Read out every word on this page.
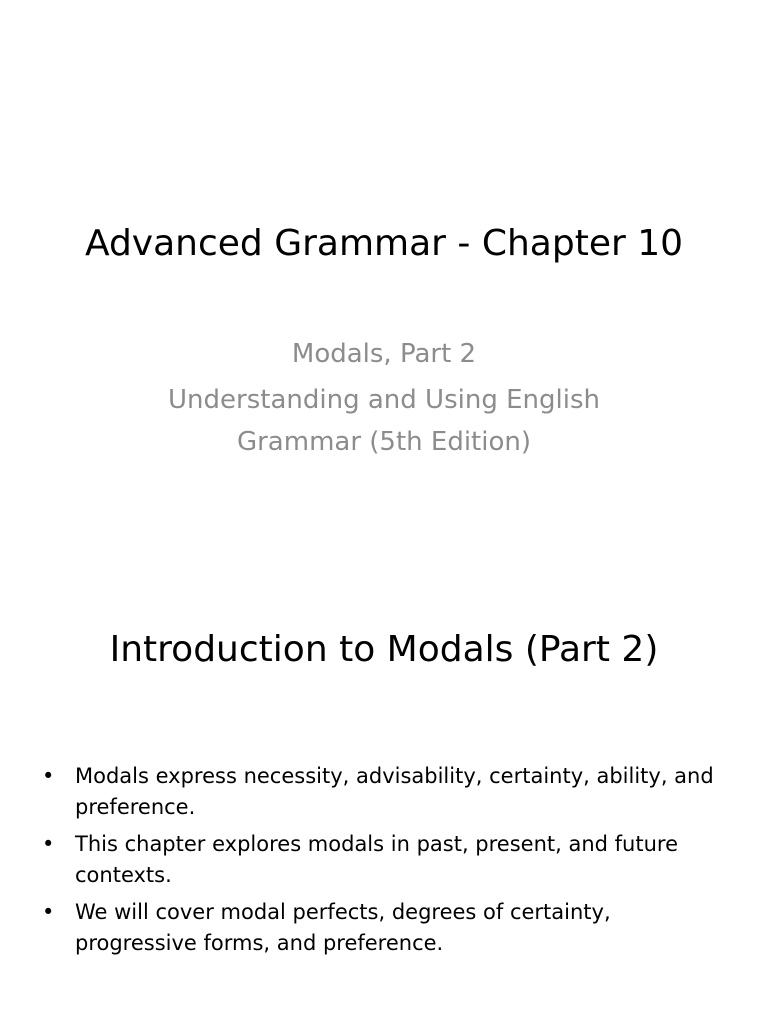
Advanced Grammar - Chapter 10
Modals, Part 2
Understanding and Using English Grammar (5th Edition)
Introduction to Modals (Part 2)
• Modals express necessity, advisability, certainty, ability, and preference.
• This chapter explores modals in past, present, and future contexts.
• We will cover modal perfects, degrees of certainty, progressive forms, and preference.
